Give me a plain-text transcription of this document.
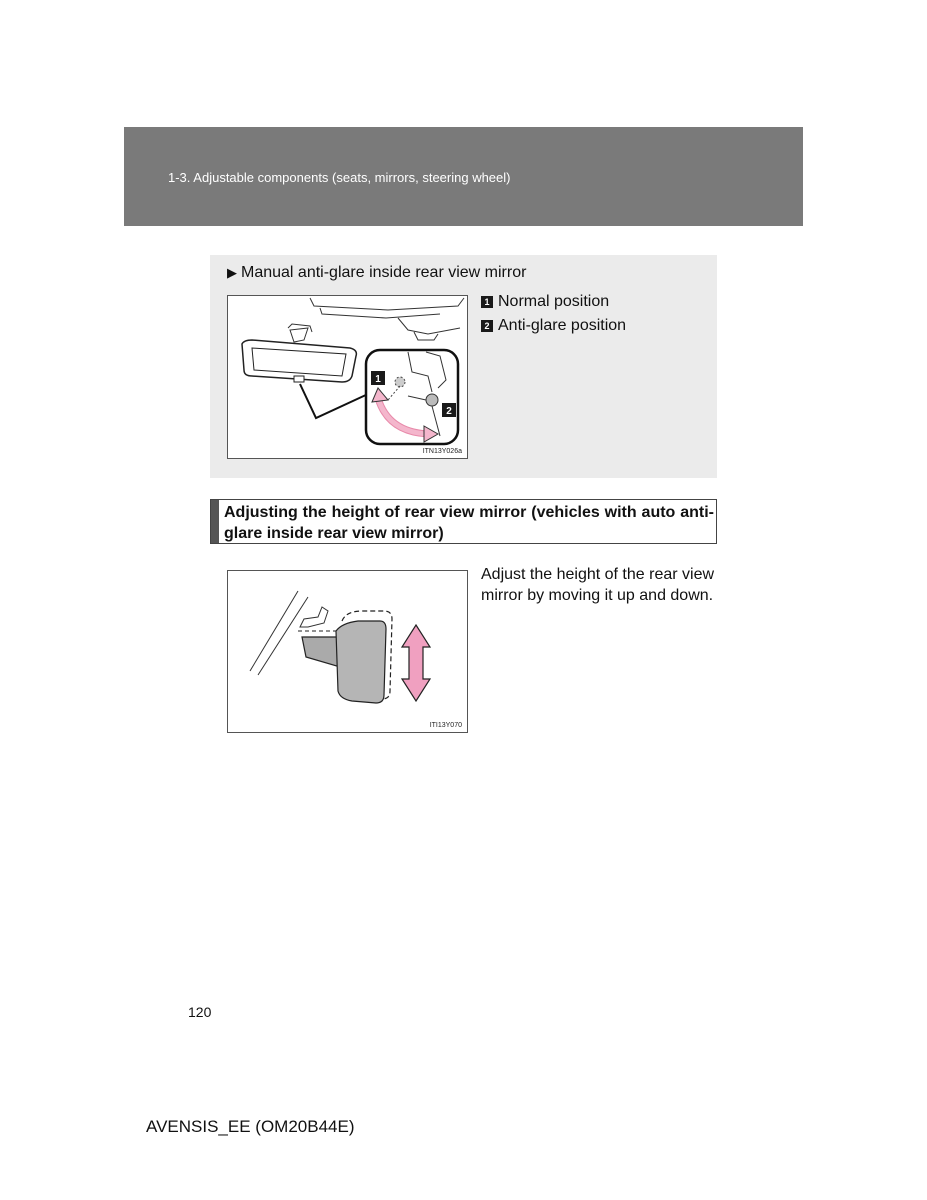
1-3. Adjustable components (seats, mirrors, steering wheel)
▶ Manual anti-glare inside rear view mirror
1
2
ITN13Y026a
1 Normal position
2 Anti-glare position
Adjusting the height of rear view mirror (vehicles with auto anti-glare inside rear view mirror)
ITI13Y070
Adjust the height of the rear view mirror by moving it up and down.
120
AVENSIS_EE (OM20B44E)
